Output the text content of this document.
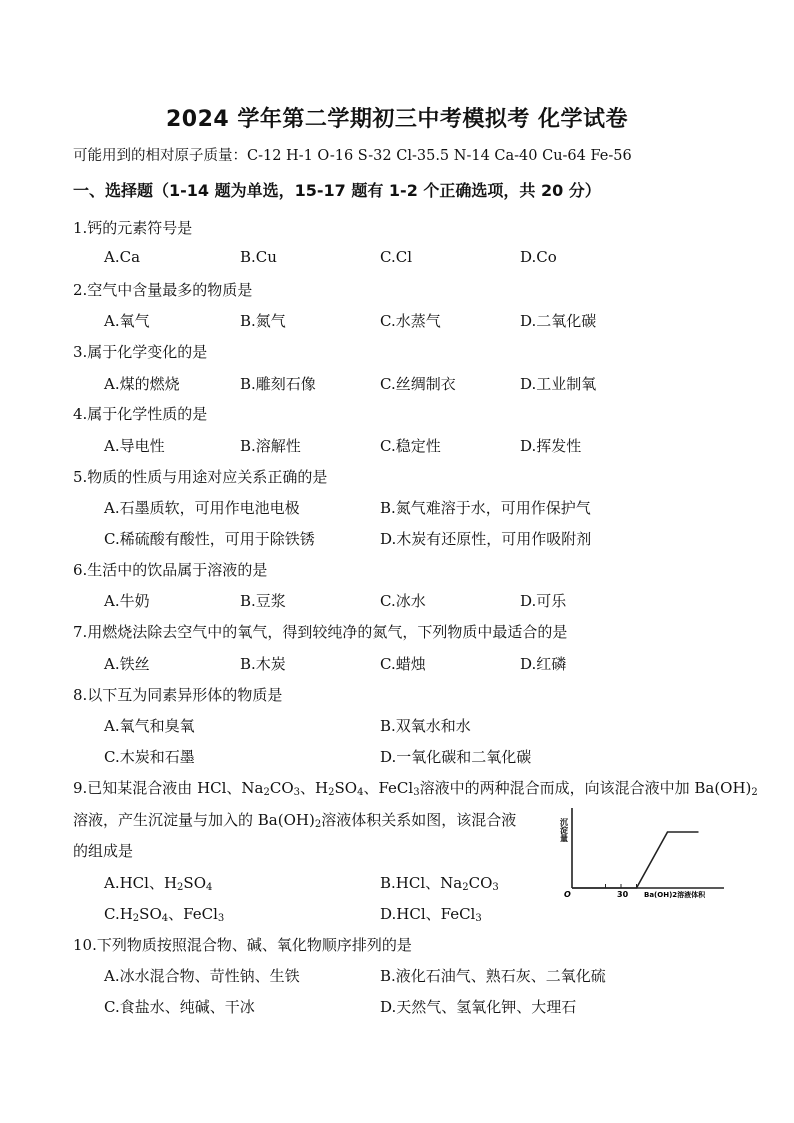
2024 学年第二学期初三中考模拟考 化学试卷
可能用到的相对原子质量：C-12 H-1 O-16 S-32 Cl-35.5 N-14 Ca-40 Cu-64 Fe-56
一、选择题（1-14 题为单选，15-17 题有 1-2 个正确选项，共 20 分）
1.钙的元素符号是
A.Ca	B.Cu	C.Cl	D.Co
2.空气中含量最多的物质是
A.氧气	B.氮气	C.水蒸气	D.二氧化碳
3.属于化学变化的是
A.煤的燃烧	B.雕刻石像	C.丝绸制衣	D.工业制氧
4.属于化学性质的是
A.导电性	B.溶解性	C.稳定性	D.挥发性
5.物质的性质与用途对应关系正确的是
A.石墨质软，可用作电池电极	B.氮气难溶于水，可用作保护气
C.稀硫酸有酸性，可用于除铁锈	D.木炭有还原性，可用作吸附剂
6.生活中的饮品属于溶液的是
A.牛奶	B.豆浆	C.冰水	D.可乐
7.用燃烧法除去空气中的氧气，得到较纯净的氮气，下列物质中最适合的是
A.铁丝	B.木炭	C.蜡烛	D.红磷
8.以下互为同素异形体的物质是
A.氧气和臭氧	B.双氧水和水
C.木炭和石墨	D.一氧化碳和二氧化碳
9.已知某混合液由 HCl、$Na_2CO_3$、$H_2SO_4$、FeCl$_3$溶液中的两种混合而成，向该混合液中加 $Ba(OH)_2$
溶液，产生沉淀量与加入的 $Ba(OH)_2$溶液体积关系如图，该混合液
的组成是
A.HCl、$H_2SO_4$	B.HCl、$Na_2CO_3$
$C.H_2SO_4$、FeCl$_3$	D.HCl、FeCl$_3$
沉淀量
O	30 Ba(OH)2溶液体积
10.下列物质按照混合物、碱、氧化物顺序排列的是
A.冰水混合物、苛性钠、生铁	B.液化石油气、熟石灰、二氧化硫
C.食盐水、纯碱、干冰	D.天然气、氢氧化钾、大理石
